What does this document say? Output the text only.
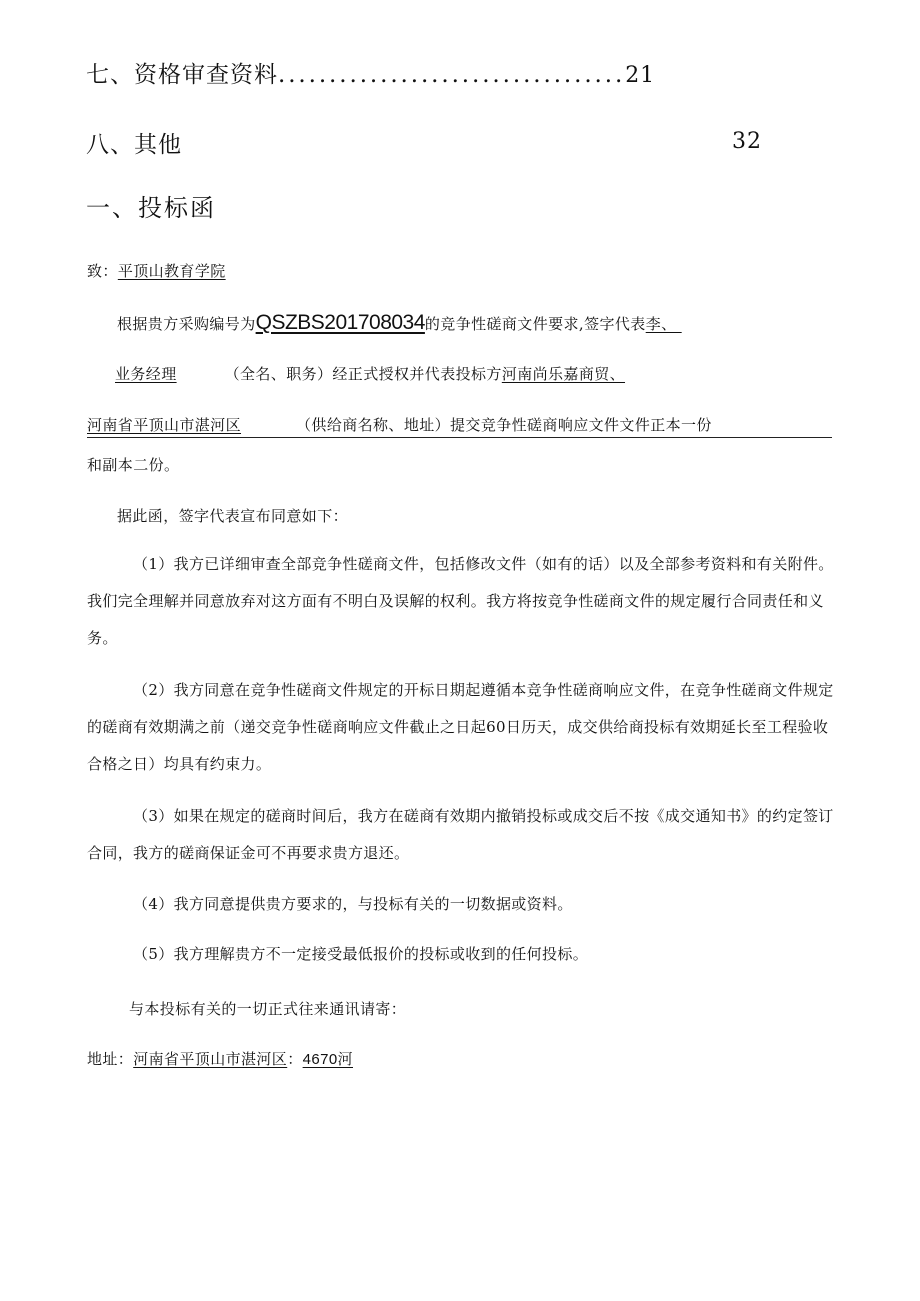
七、资格审查资料..................................21
八、其他	32
一、投标函
致：平顶山教育学院
根据贵方采购编号为QSZBS201708034的竞争性磋商文件要求,签字代表李、
业务经理	（全名、职务）经正式授权并代表投标方河南尚乐嘉商贸、
河南省平顶山市湛河区	（供给商名称、地址）提交竞争性磋商响应文件文件正本一份
和副本二份。
据此函，签字代表宣布同意如下：
（1）我方已详细审查全部竞争性磋商文件，包括修改文件（如有的话）以及全部参考资料和有关附件。我们完全理解并同意放弃对这方面有不明白及误解的权利。我方将按竞争性磋商文件的规定履行合同责任和义务。
（2）我方同意在竞争性磋商文件规定的开标日期起遵循本竞争性磋商响应文件，在竞争性磋商文件规定的磋商有效期满之前（递交竞争性磋商响应文件截止之日起60日历天，成交供给商投标有效期延长至工程验收合格之日）均具有约束力。
（3）如果在规定的磋商时间后，我方在磋商有效期内撤销投标或成交后不按《成交通知书》的约定签订合同，我方的磋商保证金可不再要求贵方退还。
（4）我方同意提供贵方要求的，与投标有关的一切数据或资料。
（5）我方理解贵方不一定接受最低报价的投标或收到的任何投标。
与本投标有关的一切正式往来通讯请寄：
地址：河南省平顶山市湛河区：4670河
